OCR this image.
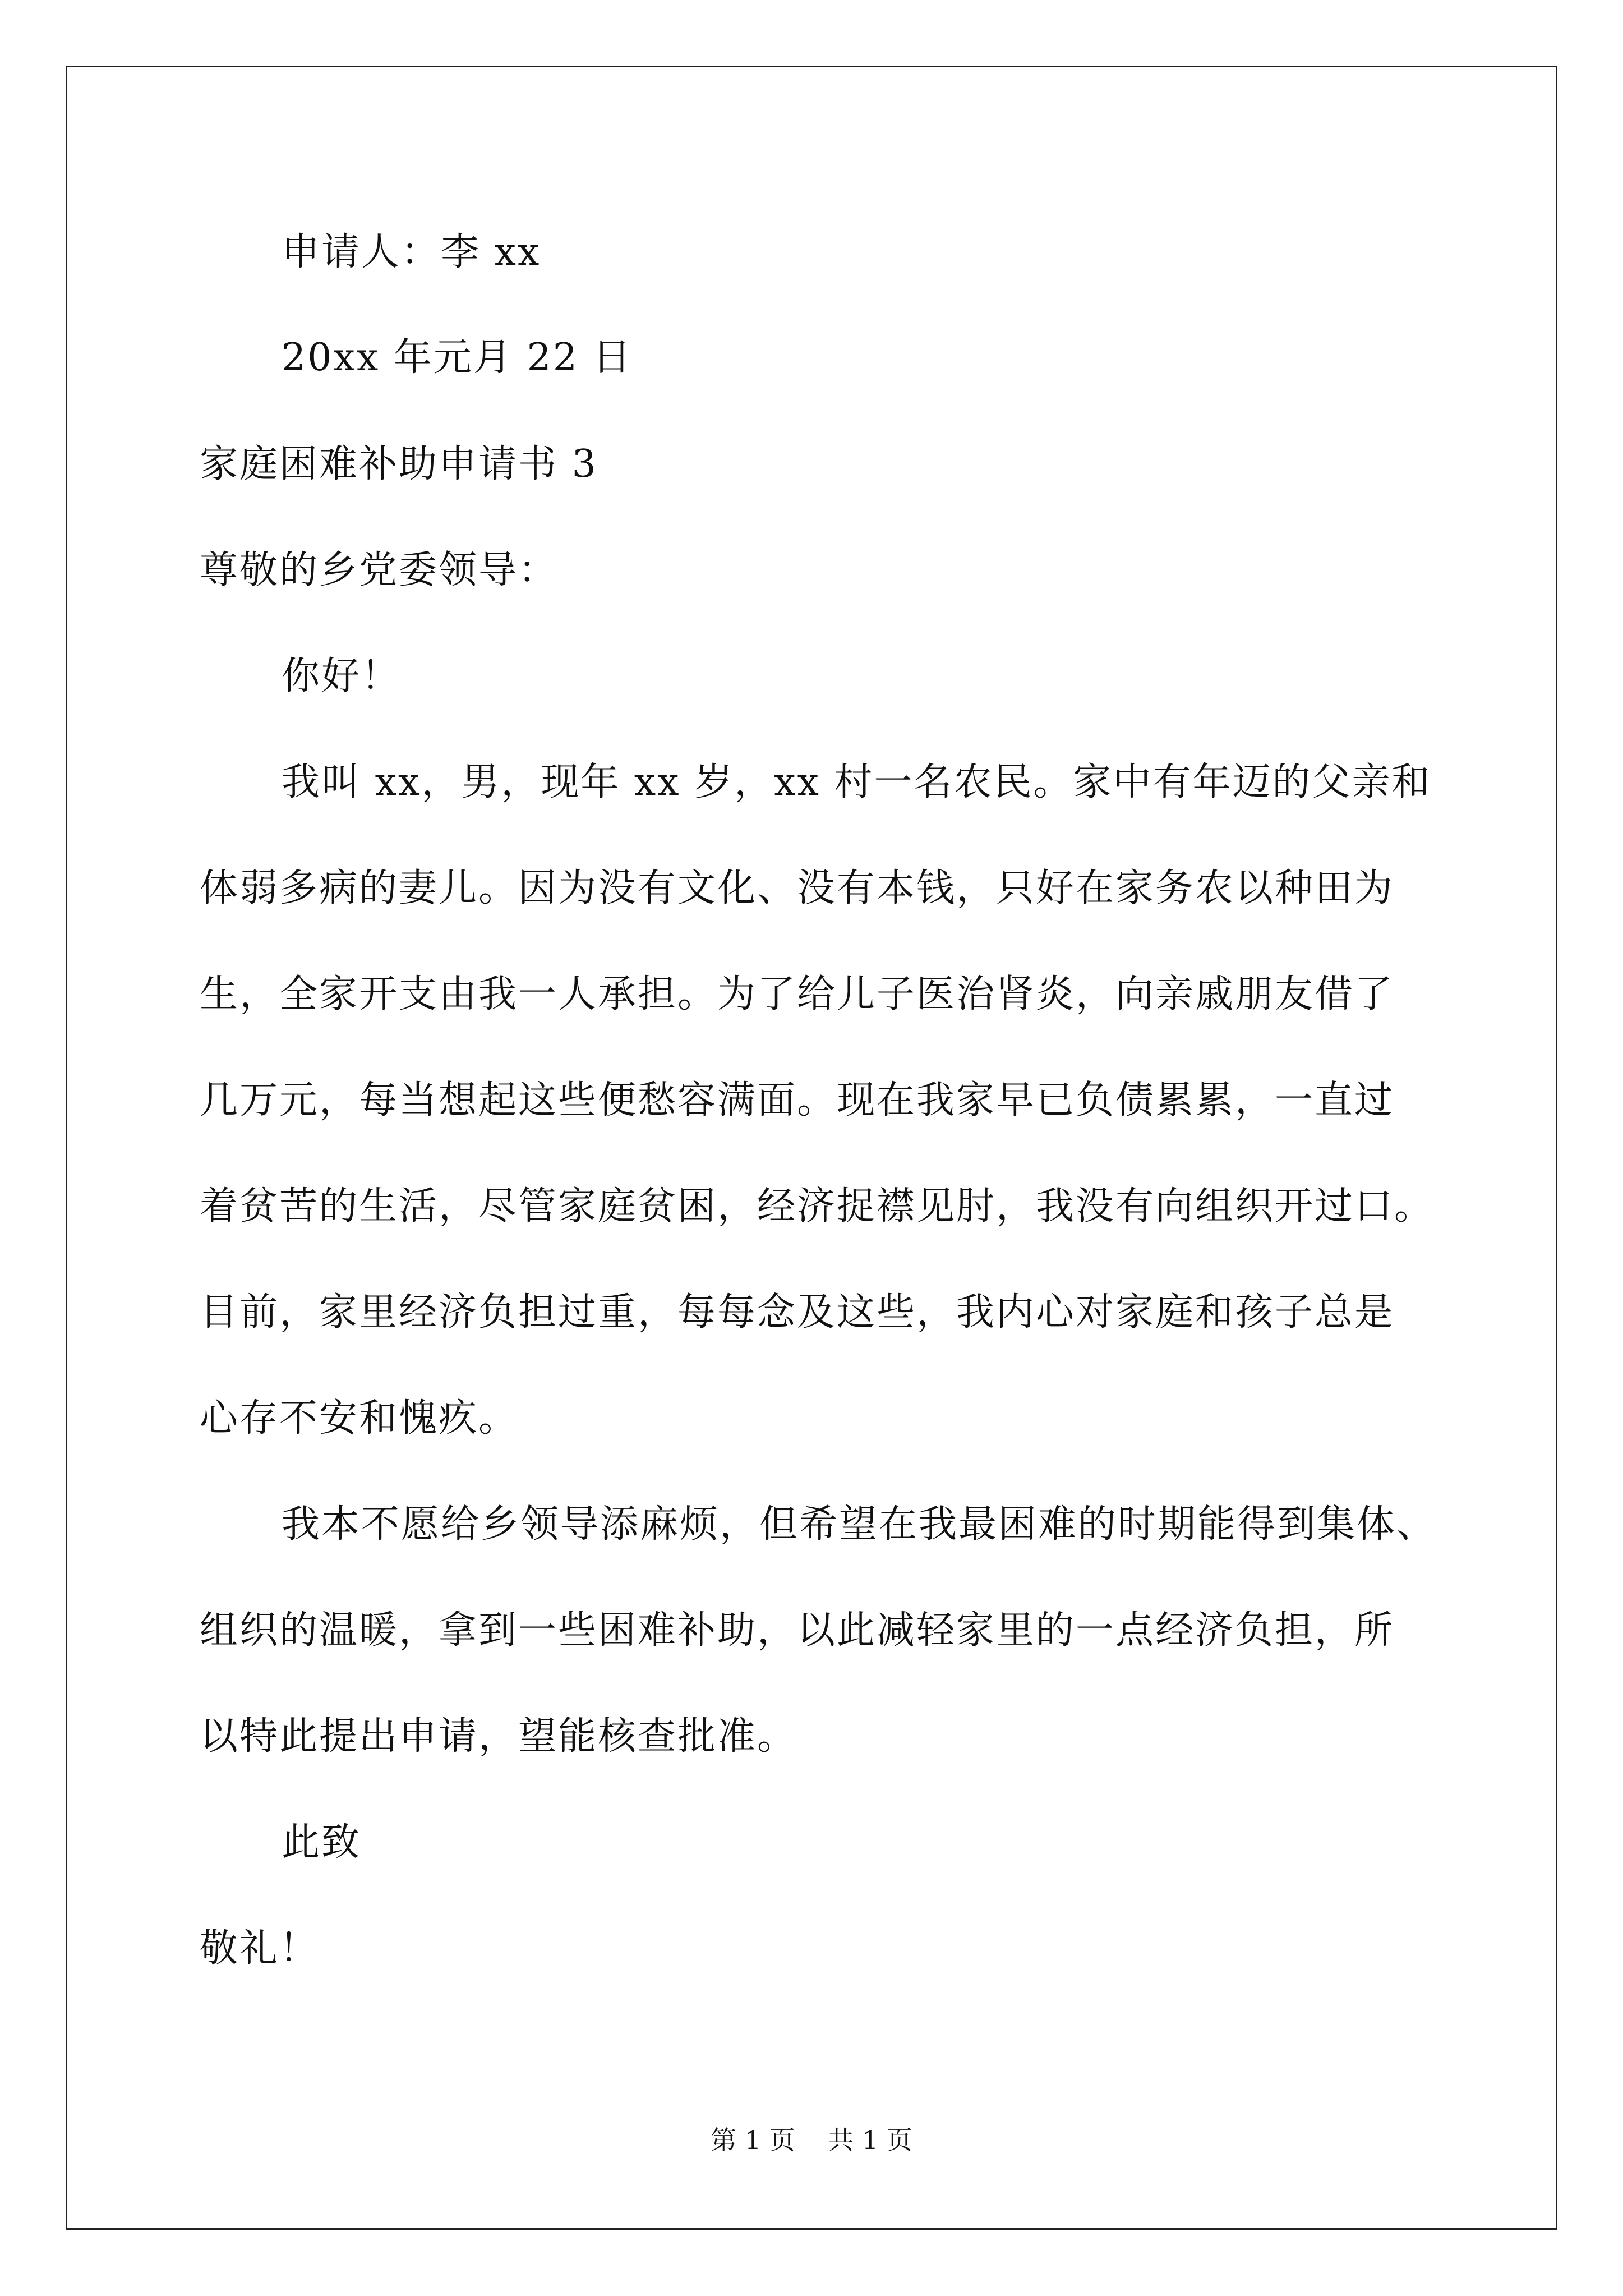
申请人：李 xx
20xx 年元月 22 日
家庭困难补助申请书 3
尊敬的乡党委领导：
你好！
我叫 xx，男，现年 xx 岁，xx 村一名农民。家中有年迈的父亲和
体弱多病的妻儿。因为没有文化、没有本钱，只好在家务农以种田为
生，全家开支由我一人承担。为了给儿子医治肾炎，向亲戚朋友借了
几万元，每当想起这些便愁容满面。现在我家早已负债累累，一直过
着贫苦的生活，尽管家庭贫困，经济捉襟见肘，我没有向组织开过口。
目前，家里经济负担过重，每每念及这些，我内心对家庭和孩子总是
心存不安和愧疚。
我本不愿给乡领导添麻烦，但希望在我最困难的时期能得到集体、
组织的温暖，拿到一些困难补助，以此减轻家里的一点经济负担，所
以特此提出申请，望能核查批准。
此致
敬礼！
第 1 页    共 1 页
